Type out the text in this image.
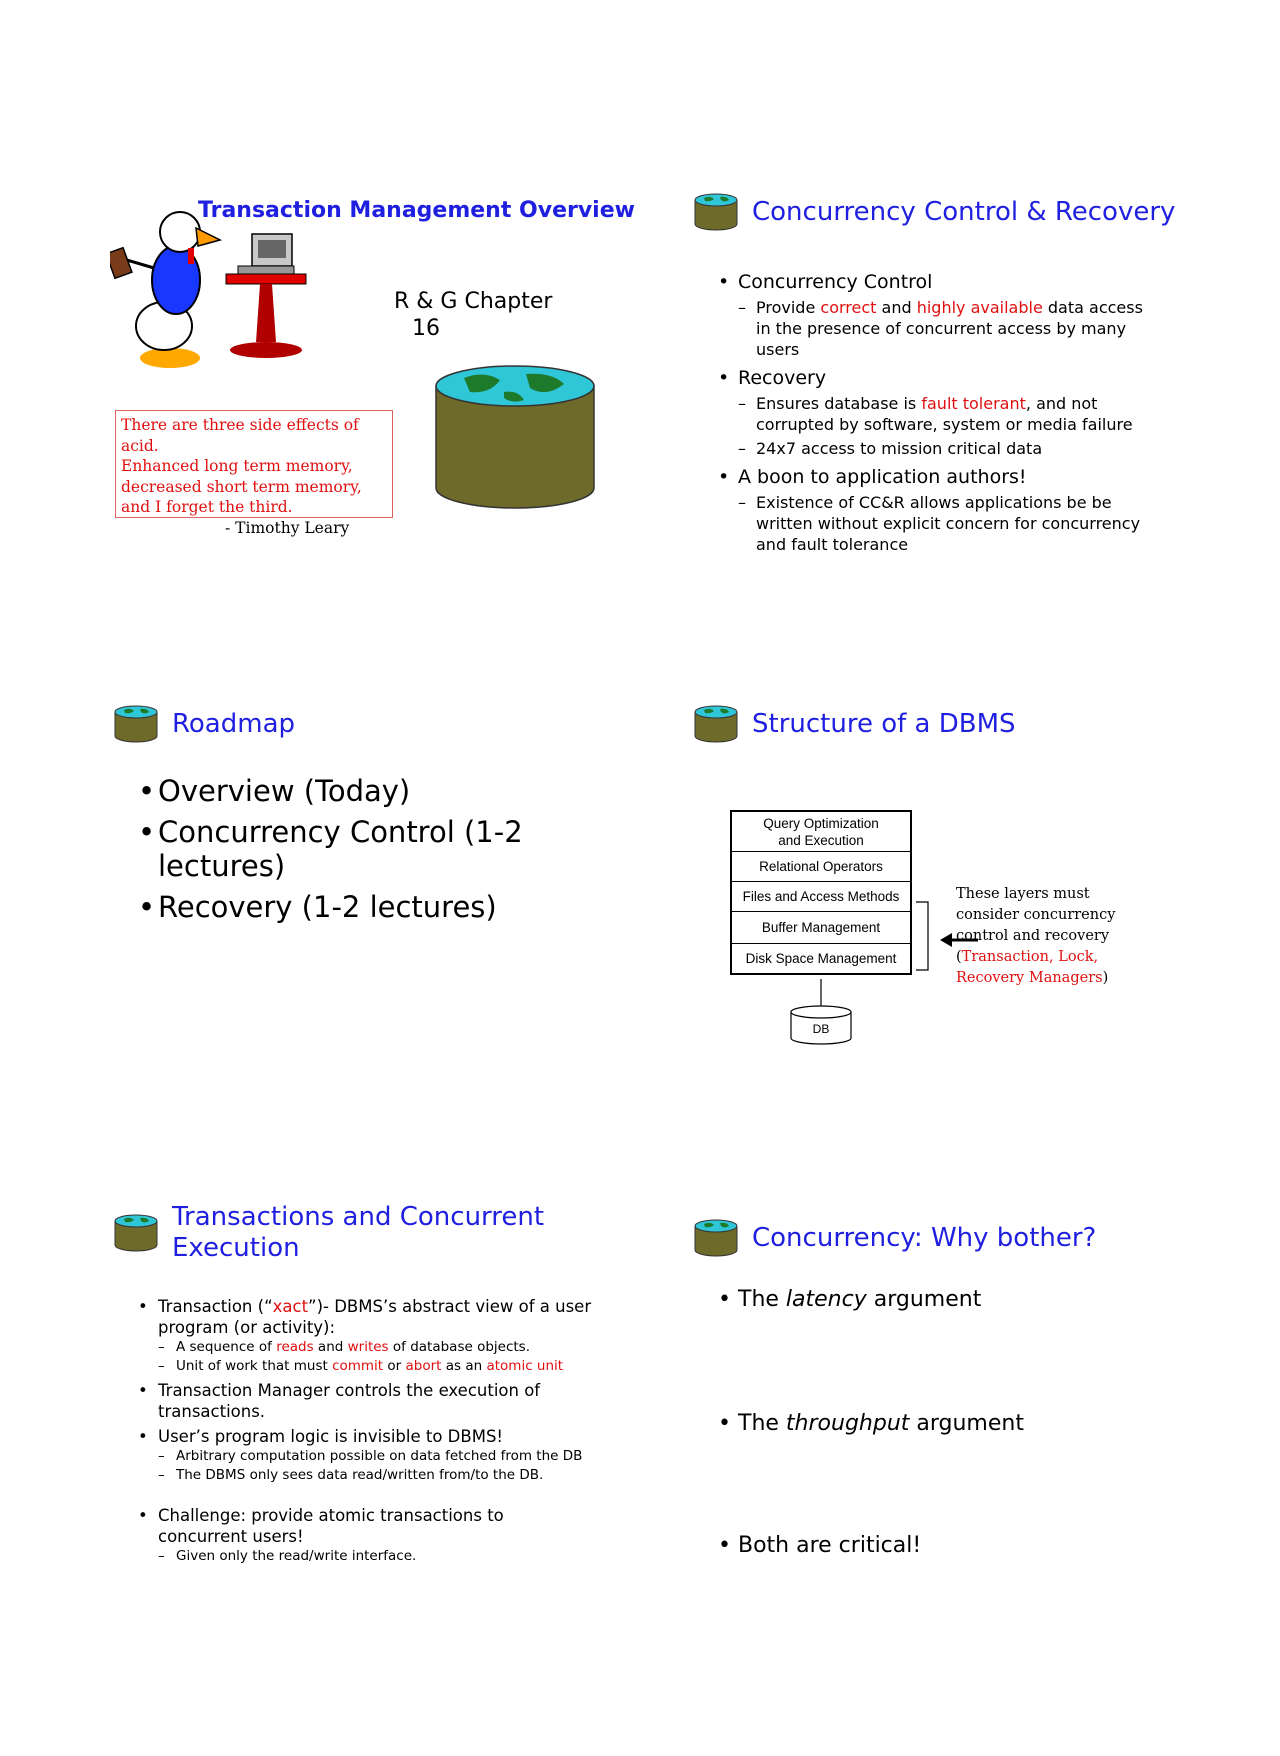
Transaction Management Overview
R & G Chapter
16
There are three side effects of acid.
Enhanced long term memory,
decreased short term memory,
and I forget the third.
- Timothy Leary
Concurrency Control & Recovery
• Concurrency Control
– Provide correct and highly available data access in the presence of concurrent access by many users
• Recovery
– Ensures database is fault tolerant, and not corrupted by software, system or media failure
– 24x7 access to mission critical data
• A boon to application authors!
– Existence of CC&R allows applications be be written without explicit concern for concurrency and fault tolerance
Roadmap
• Overview (Today)
• Concurrency Control (1-2 lectures)
• Recovery (1-2 lectures)
Structure of a DBMS
Query Optimization and Execution
Relational Operators
Files and Access Methods
Buffer Management
Disk Space Management
DB
These layers must consider concurrency control and recovery (Transaction, Lock, Recovery Managers)
Transactions and Concurrent
Execution
• Transaction (“xact”)- DBMS’s abstract view of a user program (or activity):
– A sequence of reads and writes of database objects.
– Unit of work that must commit or abort as an atomic unit
• Transaction Manager controls the execution of transactions.
• User’s program logic is invisible to DBMS!
– Arbitrary computation possible on data fetched from the DB
– The DBMS only sees data read/written from/to the DB.
• Challenge: provide atomic transactions to concurrent users!
– Given only the read/write interface.
Concurrency: Why bother?
• The latency argument
• The throughput argument
• Both are critical!
